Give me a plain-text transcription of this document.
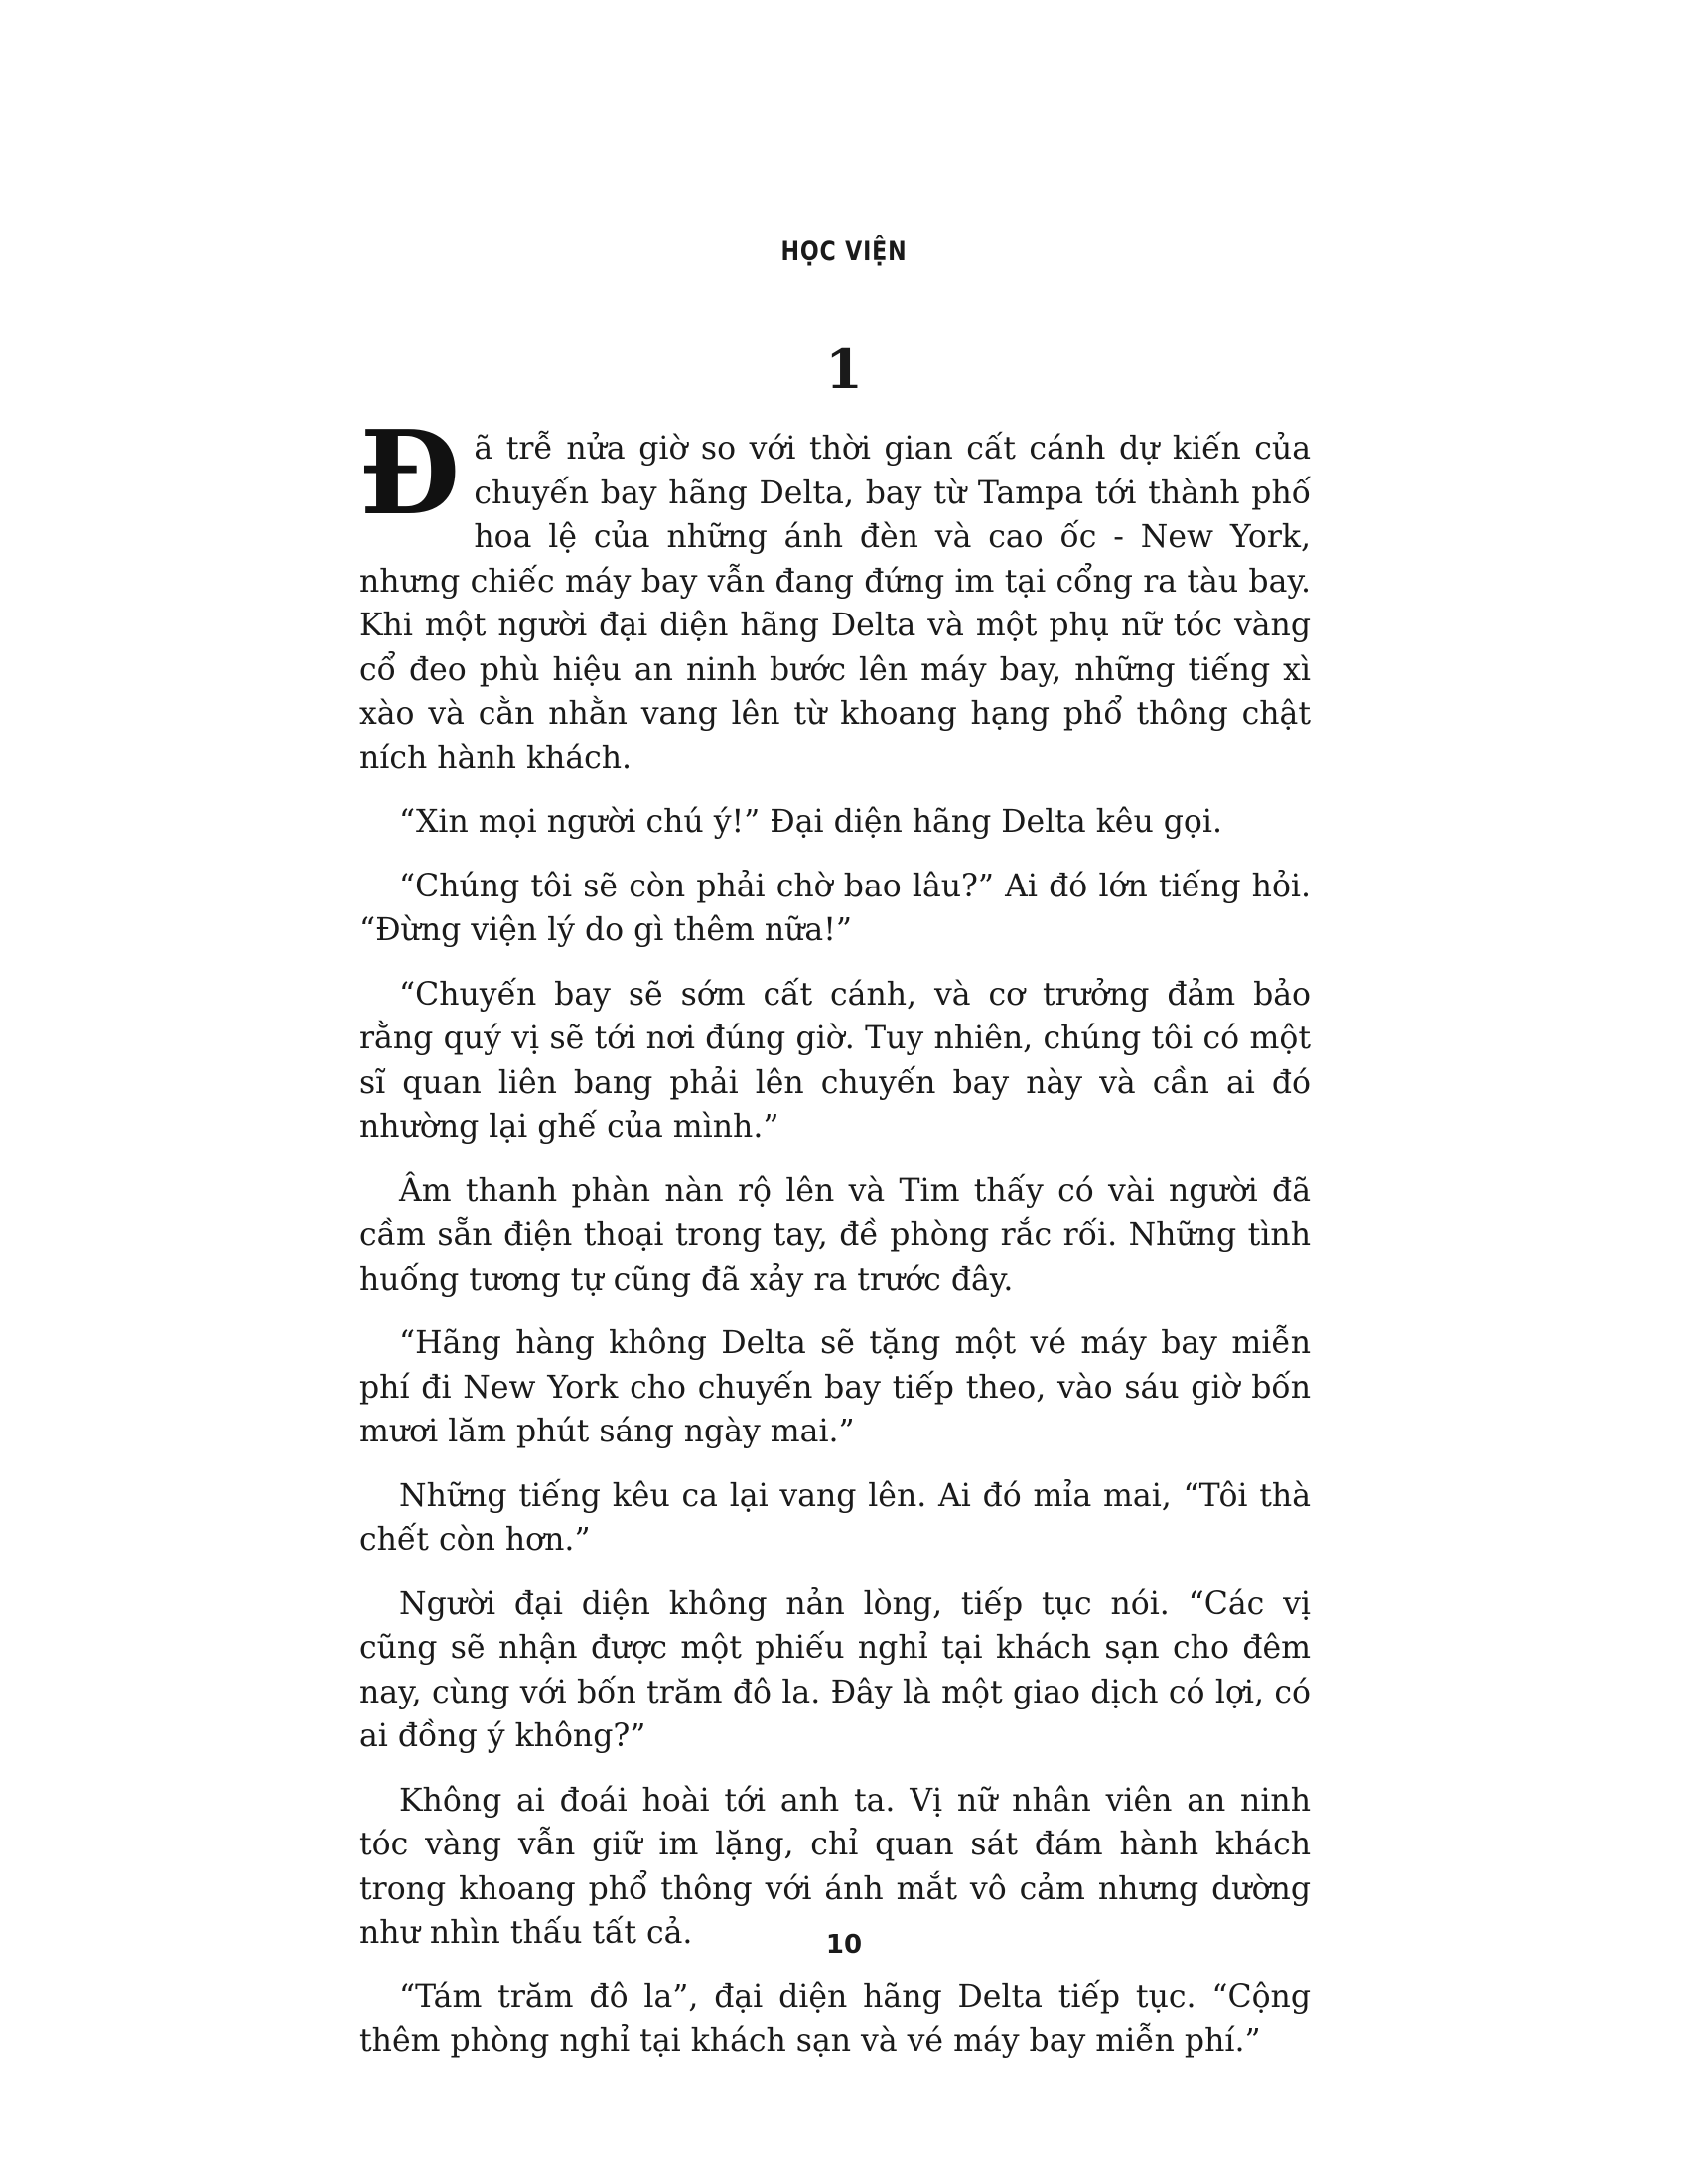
HỌC VIỆN
1

Đã trễ nửa giờ so với thời gian cất cánh dự kiến của chuyến bay hãng Delta, bay từ Tampa tới thành phố hoa lệ của những ánh đèn và cao ốc - New York, nhưng chiếc máy bay vẫn đang đứng im tại cổng ra tàu bay. Khi một người đại diện hãng Delta và một phụ nữ tóc vàng cổ đeo phù hiệu an ninh bước lên máy bay, những tiếng xì xào và cằn nhằn vang lên từ khoang hạng phổ thông chật ních hành khách.

“Xin mọi người chú ý!” Đại diện hãng Delta kêu gọi.

“Chúng tôi sẽ còn phải chờ bao lâu?” Ai đó lớn tiếng hỏi. “Đừng viện lý do gì thêm nữa!”

“Chuyến bay sẽ sớm cất cánh, và cơ trưởng đảm bảo rằng quý vị sẽ tới nơi đúng giờ. Tuy nhiên, chúng tôi có một sĩ quan liên bang phải lên chuyến bay này và cần ai đó nhường lại ghế của mình.”

Âm thanh phàn nàn rộ lên và Tim thấy có vài người đã cầm sẵn điện thoại trong tay, đề phòng rắc rối. Những tình huống tương tự cũng đã xảy ra trước đây.

“Hãng hàng không Delta sẽ tặng một vé máy bay miễn phí đi New York cho chuyến bay tiếp theo, vào sáu giờ bốn mươi lăm phút sáng ngày mai.”

Những tiếng kêu ca lại vang lên. Ai đó mỉa mai, “Tôi thà chết còn hơn.”

Người đại diện không nản lòng, tiếp tục nói. “Các vị cũng sẽ nhận được một phiếu nghỉ tại khách sạn cho đêm nay, cùng với bốn trăm đô la. Đây là một giao dịch có lợi, có ai đồng ý không?”

Không ai đoái hoài tới anh ta. Vị nữ nhân viên an ninh tóc vàng vẫn giữ im lặng, chỉ quan sát đám hành khách trong khoang phổ thông với ánh mắt vô cảm nhưng dường như nhìn thấu tất cả.

“Tám trăm đô la”, đại diện hãng Delta tiếp tục. “Cộng thêm phòng nghỉ tại khách sạn và vé máy bay miễn phí.”

10
